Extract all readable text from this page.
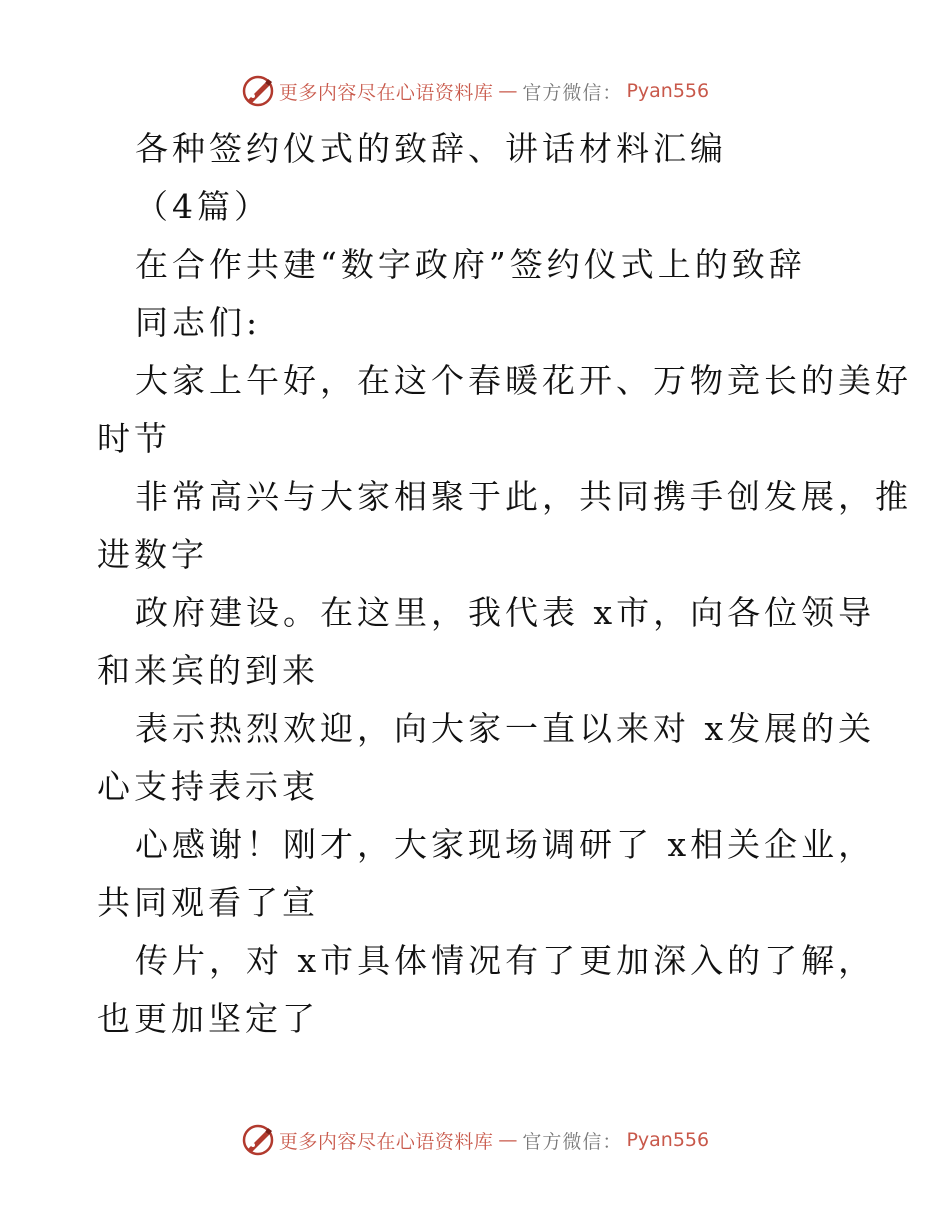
更多内容尽在心语资料库 — 官方微信： Pyan556
各种签约仪式的致辞、讲话材料汇编
（4篇）
在合作共建“数字政府”签约仪式上的致辞
同志们:
大家上午好，在这个春暖花开、万物竞长的美好
时节
非常高兴与大家相聚于此，共同携手创发展，推
进数字
政府建设。在这里，我代表 x市，向各位领导
和来宾的到来
表示热烈欢迎，向大家一直以来对 x发展的关
心支持表示衷
心感谢！刚才，大家现场调研了 x相关企业，
共同观看了宣
传片，对 x市具体情况有了更加深入的了解，
也更加坚定了
更多内容尽在心语资料库 — 官方微信： Pyan556
